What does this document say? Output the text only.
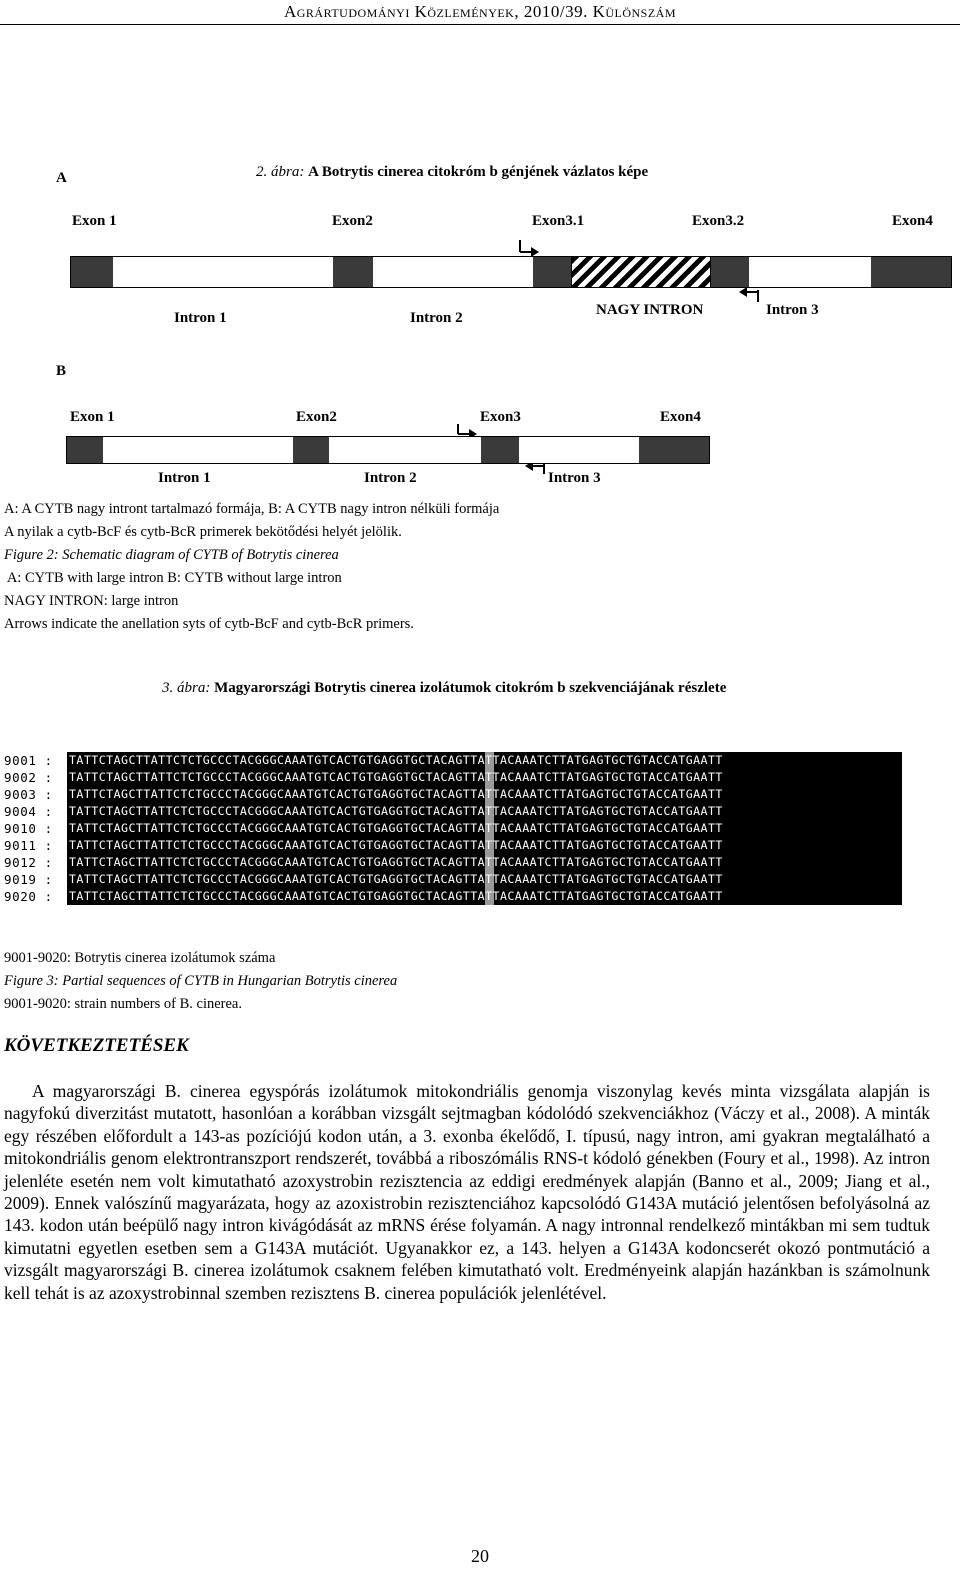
Agrártudományi Közlemények, 2010/39. Különszám
A	2. ábra: A Botrytis cinerea citokróm b génjének vázlatos képe
Exon 1	Exon2	Exon3.1	Exon3.2	Exon4
Intron 1	Intron 2	NAGY INTRON	Intron 3
B
Exon 1	Exon2	Exon3	Exon4
Intron 1	Intron 2	Intron 3
A: A CYTB nagy intront tartalmazó formája, B: A CYTB nagy intron nélküli formája
A nyilak a cytb-BcF és cytb-BcR primerek bekötődési helyét jelölik.
Figure 2: Schematic diagram of CYTB of Botrytis cinerea
A: CYTB with large intron B: CYTB without large intron
NAGY INTRON: large intron
Arrows indicate the anellation syts of cytb-BcF and cytb-BcR primers.
3. ábra: Magyarországi Botrytis cinerea izolátumok citokróm b szekvenciájának részlete
9001 : TATTCTAGCTTATTCTCTGCCCTACGGGCAAATGTCACTGTGAGGTGCTACAGTTATTACAAATCTTATGAGTGCTGTACCATGAATT
9002 : TATTCTAGCTTATTCTCTGCCCTACGGGCAAATGTCACTGTGAGGTGCTACAGTTATTACAAATCTTATGAGTGCTGTACCATGAATT
9003 : TATTCTAGCTTATTCTCTGCCCTACGGGCAAATGTCACTGTGAGGTGCTACAGTTATTACAAATCTTATGAGTGCTGTACCATGAATT
9004 : TATTCTAGCTTATTCTCTGCCCTACGGGCAAATGTCACTGTGAGGTGCTACAGTTATTACAAATCTTATGAGTGCTGTACCATGAATT
9010 : TATTCTAGCTTATTCTCTGCCCTACGGGCAAATGTCACTGTGAGGTGCTACAGTTATTACAAATCTTATGAGTGCTGTACCATGAATT
9011 : TATTCTAGCTTATTCTCTGCCCTACGGGCAAATGTCACTGTGAGGTGCTACAGTTATTACAAATCTTATGAGTGCTGTACCATGAATT
9012 : TATTCTAGCTTATTCTCTGCCCTACGGGCAAATGTCACTGTGAGGTGCTACAGTTATTACAAATCTTATGAGTGCTGTACCATGAATT
9019 : TATTCTAGCTTATTCTCTGCCCTACGGGCAAATGTCACTGTGAGGTGCTACAGTTATTACAAATCTTATGAGTGCTGTACCATGAATT
9020 : TATTCTAGCTTATTCTCTGCCCTACGGGCAAATGTCACTGTGAGGTGCTACAGTTATTACAAATCTTATGAGTGCTGTACCATGAATT
9001-9020: Botrytis cinerea izolátumok száma
Figure 3: Partial sequences of CYTB in Hungarian Botrytis cinerea
9001-9020: strain numbers of B. cinerea.
KÖVETKEZTETÉSEK
A magyarországi B. cinerea egyspórás izolátumok mitokondriális genomja viszonylag kevés minta vizsgálata alapján is nagyfokú diverzitást mutatott, hasonlóan a korábban vizsgált sejtmagban kódolódó szekvenciákhoz (Váczy et al., 2008). A minták egy részében előfordult a 143-as pozíciójú kodon után, a 3. exonba ékelődő, I. típusú, nagy intron, ami gyakran megtalálható a mitokondriális genom elektrontranszport rendszerét, továbbá a riboszómális RNS-t kódoló génekben (Foury et al., 1998). Az intron jelenléte esetén nem volt kimutatható azoxystrobin rezisztencia az eddigi eredmények alapján (Banno et al., 2009; Jiang et al., 2009). Ennek valószínű magyarázata, hogy az azoxistrobin rezisztenciához kapcsolódó G143A mutáció jelentősen befolyásolná az 143. kodon után beépülő nagy intron kivágódását az mRNS érése folyamán. A nagy intronnal rendelkező mintákban mi sem tudtuk kimutatni egyetlen esetben sem a G143A mutációt. Ugyanakkor ez, a 143. helyen a G143A kodoncserét okozó pontmutáció a vizsgált magyarországi B. cinerea izolátumok csaknem felében kimutatható volt. Eredményeink alapján hazánkban is számolnunk kell tehát is az azoxystrobinnal szemben rezisztens B. cinerea populációk jelenlétével.
20
